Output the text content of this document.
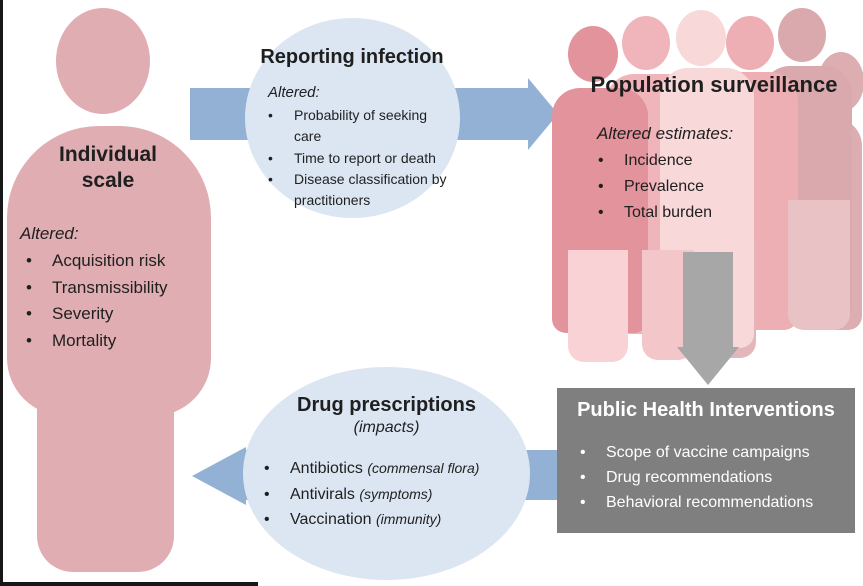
Individual scale
Altered:
• Acquisition risk
• Transmissibility
• Severity
• Mortality
Reporting infection
Altered:
• Probability of seeking care
• Time to report or death
• Disease classification by practitioners
Population surveillance
Altered estimates:
• Incidence
• Prevalence
• Total burden
Public Health Interventions
• Scope of vaccine campaigns
• Drug recommendations
• Behavioral recommendations
Drug prescriptions
(impacts)
• Antibiotics (commensal flora)
• Antivirals (symptoms)
• Vaccination (immunity)
